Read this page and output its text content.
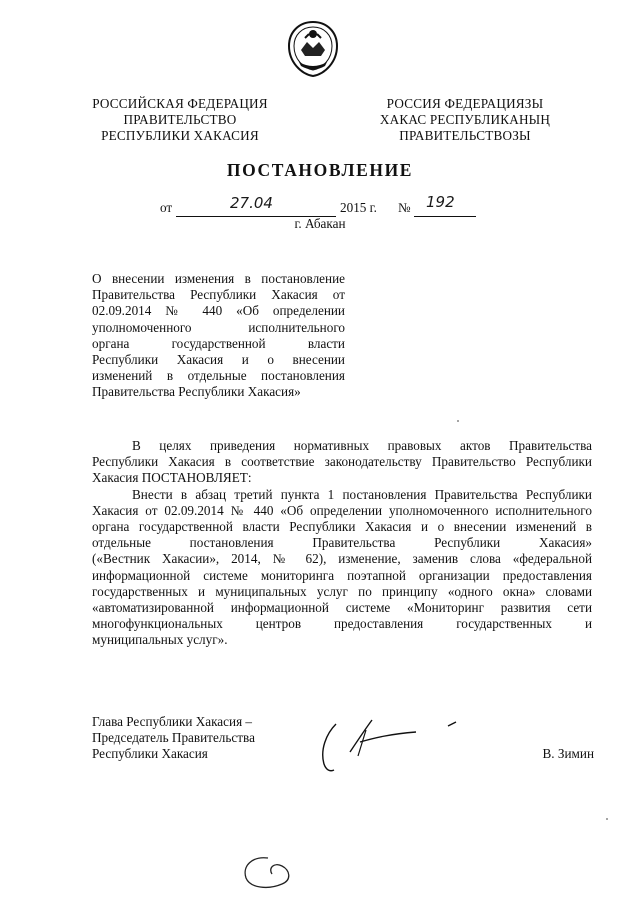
РОССИЙСКАЯ ФЕДЕРАЦИЯ
ПРАВИТЕЛЬСТВО
РЕСПУБЛИКИ ХАКАСИЯ
РОССИЯ ФЕДЕРАЦИЯЗЫ
ХАКАС РЕСПУБЛИКАНЫҢ
ПРАВИТЕЛЬСТВОЗЫ
ПОСТАНОВЛЕНИЕ
от	27.04	2015 г. № 192
г. Абакан
О внесении изменения в постановление
Правительства Республики Хакасия от
02.09.2014 № 440 «Об определении
уполномоченного исполнительного
органа государственной власти
Республики Хакасия и о внесении
изменений в отдельные постановления
Правительства Республики Хакасия»
В целях приведения нормативных правовых актов Правительства
Республики Хакасия в соответствие законодательству Правительство Республики
Хакасия ПОСТАНОВЛЯЕТ:
Внести в абзац третий пункта 1 постановления Правительства Республики
Хакасия от 02.09.2014 № 440 «Об определении уполномоченного исполнительного
органа государственной власти Республики Хакасия и о внесении изменений в
отдельные постановления Правительства Республики Хакасия»
(«Вестник Хакасии», 2014, № 62), изменение, заменив слова «федеральной
информационной системе мониторинга поэтапной организации предоставления
государственных и муниципальных услуг по принципу «одного окна» словами
«автоматизированной информационной системе «Мониторинг развития сети
многофункциональных центров предоставления государственных и
муниципальных услуг».
Глава Республики Хакасия –
Председатель Правительства
Республики Хакасия	В. Зимин
